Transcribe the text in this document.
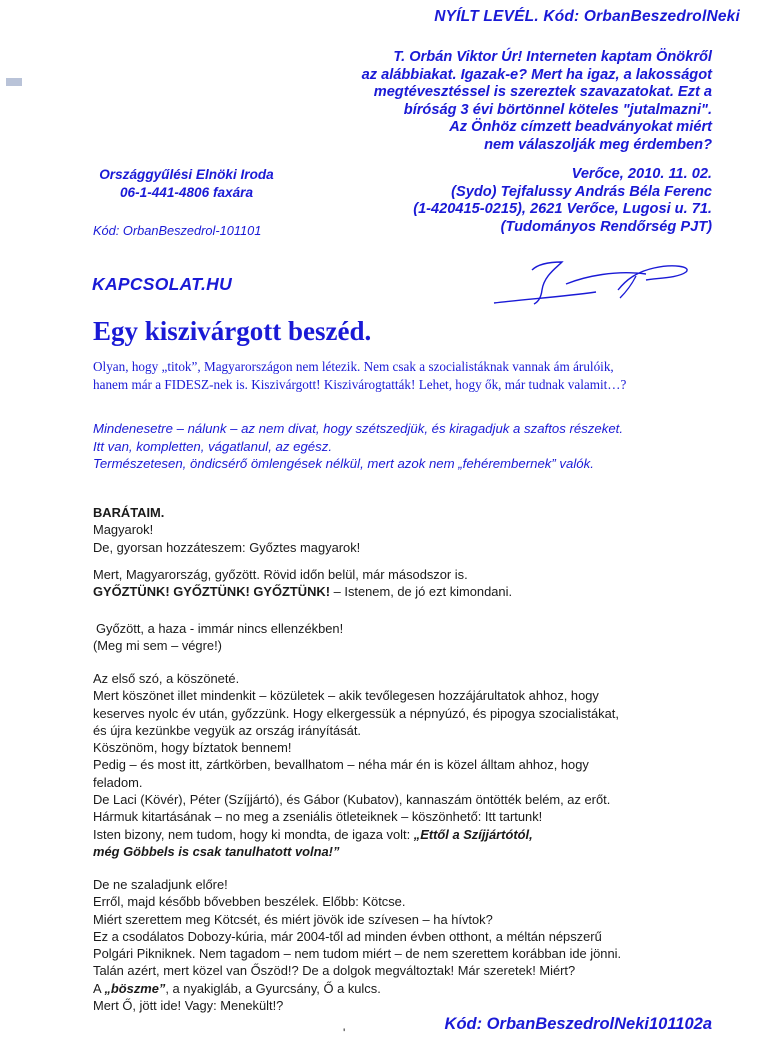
NYÍLT LEVÉL. Kód: OrbanBeszedrolNeki

T. Orbán Viktor Úr! Interneten kaptam Önökről

az alábbiakat. Igazak-e? Mert ha igaz, a lakosságot

megtévesztéssel is szereztek szavazatokat. Ezt a

bíróság 3 évi börtönnel köteles "jutalmazni".

Az Önhöz címzett beadványokat miért

nem válaszolják meg érdemben?

Országgyűlési Elnöki Iroda

06-1-441-4806 faxára

Verőce, 2010. 11. 02.

(Sydo) Tejfalussy András Béla Ferenc

(1-420415-0215), 2621 Verőce, Lugosi u. 71.

(Tudományos Rendőrség PJT)

Kód: OrbanBeszedrol-101101
KAPCSOLAT.HU
Egy kiszivárgott beszéd.

Olyan, hogy „titok”, Magyarországon nem létezik. Nem csak a szocialistáknak vannak ám árulóik,

hanem már a FIDESZ-nek is. Kiszivárgott! Kiszivárogtatták! Lehet, hogy ők, már tudnak valamit…?

Mindenesetre – nálunk – az nem divat, hogy szétszedjük, és kiragadjuk a szaftos részeket.

Itt van, kompletten, vágatlanul, az egész.

Természetesen, öndicsérő ömlengések nélkül, mert azok nem „fehérembernek” valók.

BARÁTAIM.

Magyarok!

De, gyorsan hozzáteszem: Győztes magyarok!

Mert, Magyarország, győzött. Rövid időn belül, már másodszor is.

GYŐZTÜNK! GYŐZTÜNK! GYŐZTÜNK! – Istenem, de jó ezt kimondani.

Győzött, a haza - immár nincs ellenzékben!

(Meg mi sem – végre!)

Az első szó, a köszöneté.

Mert köszönet illet mindenkit – közületek – akik tevőlegesen hozzájárultatok ahhoz, hogy

keserves nyolc év után, győzzünk. Hogy elkergessük a népnyúzó, és pipogya szocialistákat,

és újra kezünkbe vegyük az ország irányítását.

Köszönöm, hogy bíztatok bennem!

Pedig – és most itt, zártkörben, bevallhatom – néha már én is közel álltam ahhoz, hogy

feladom.

De Laci (Kövér), Péter (Szíjjártó), és Gábor (Kubatov), kannaszám öntötték belém, az erőt.

Hármuk kitartásának – no meg a zseniális ötleteiknek – köszönhető: Itt tartunk!

Isten bizony, nem tudom, hogy ki mondta, de igaza volt: „Ettől a Szíjjártótól,

még Göbbels is csak tanulhatott volna!”

De ne szaladjunk előre!

Erről, majd később bővebben beszélek. Előbb: Kötcse.

Miért szerettem meg Kötcsét, és miért jövök ide szívesen – ha hívtok?

Ez a csodálatos Dobozy-kúria, már 2004-től ad minden évben otthont, a méltán népszerű

Polgári Pikniknek. Nem tagadom – nem tudom miért – de nem szerettem korábban ide jönni.

Talán azért, mert közel van Őszöd!? De a dolgok megváltoztak! Már szeretek! Miért?

A „böszme”, a nyakigláb, a Gyurcsány, Ő a kulcs.

Mert Ő, jött ide! Vagy: Menekült!?

'	Kód: OrbanBeszedrolNeki101102a
